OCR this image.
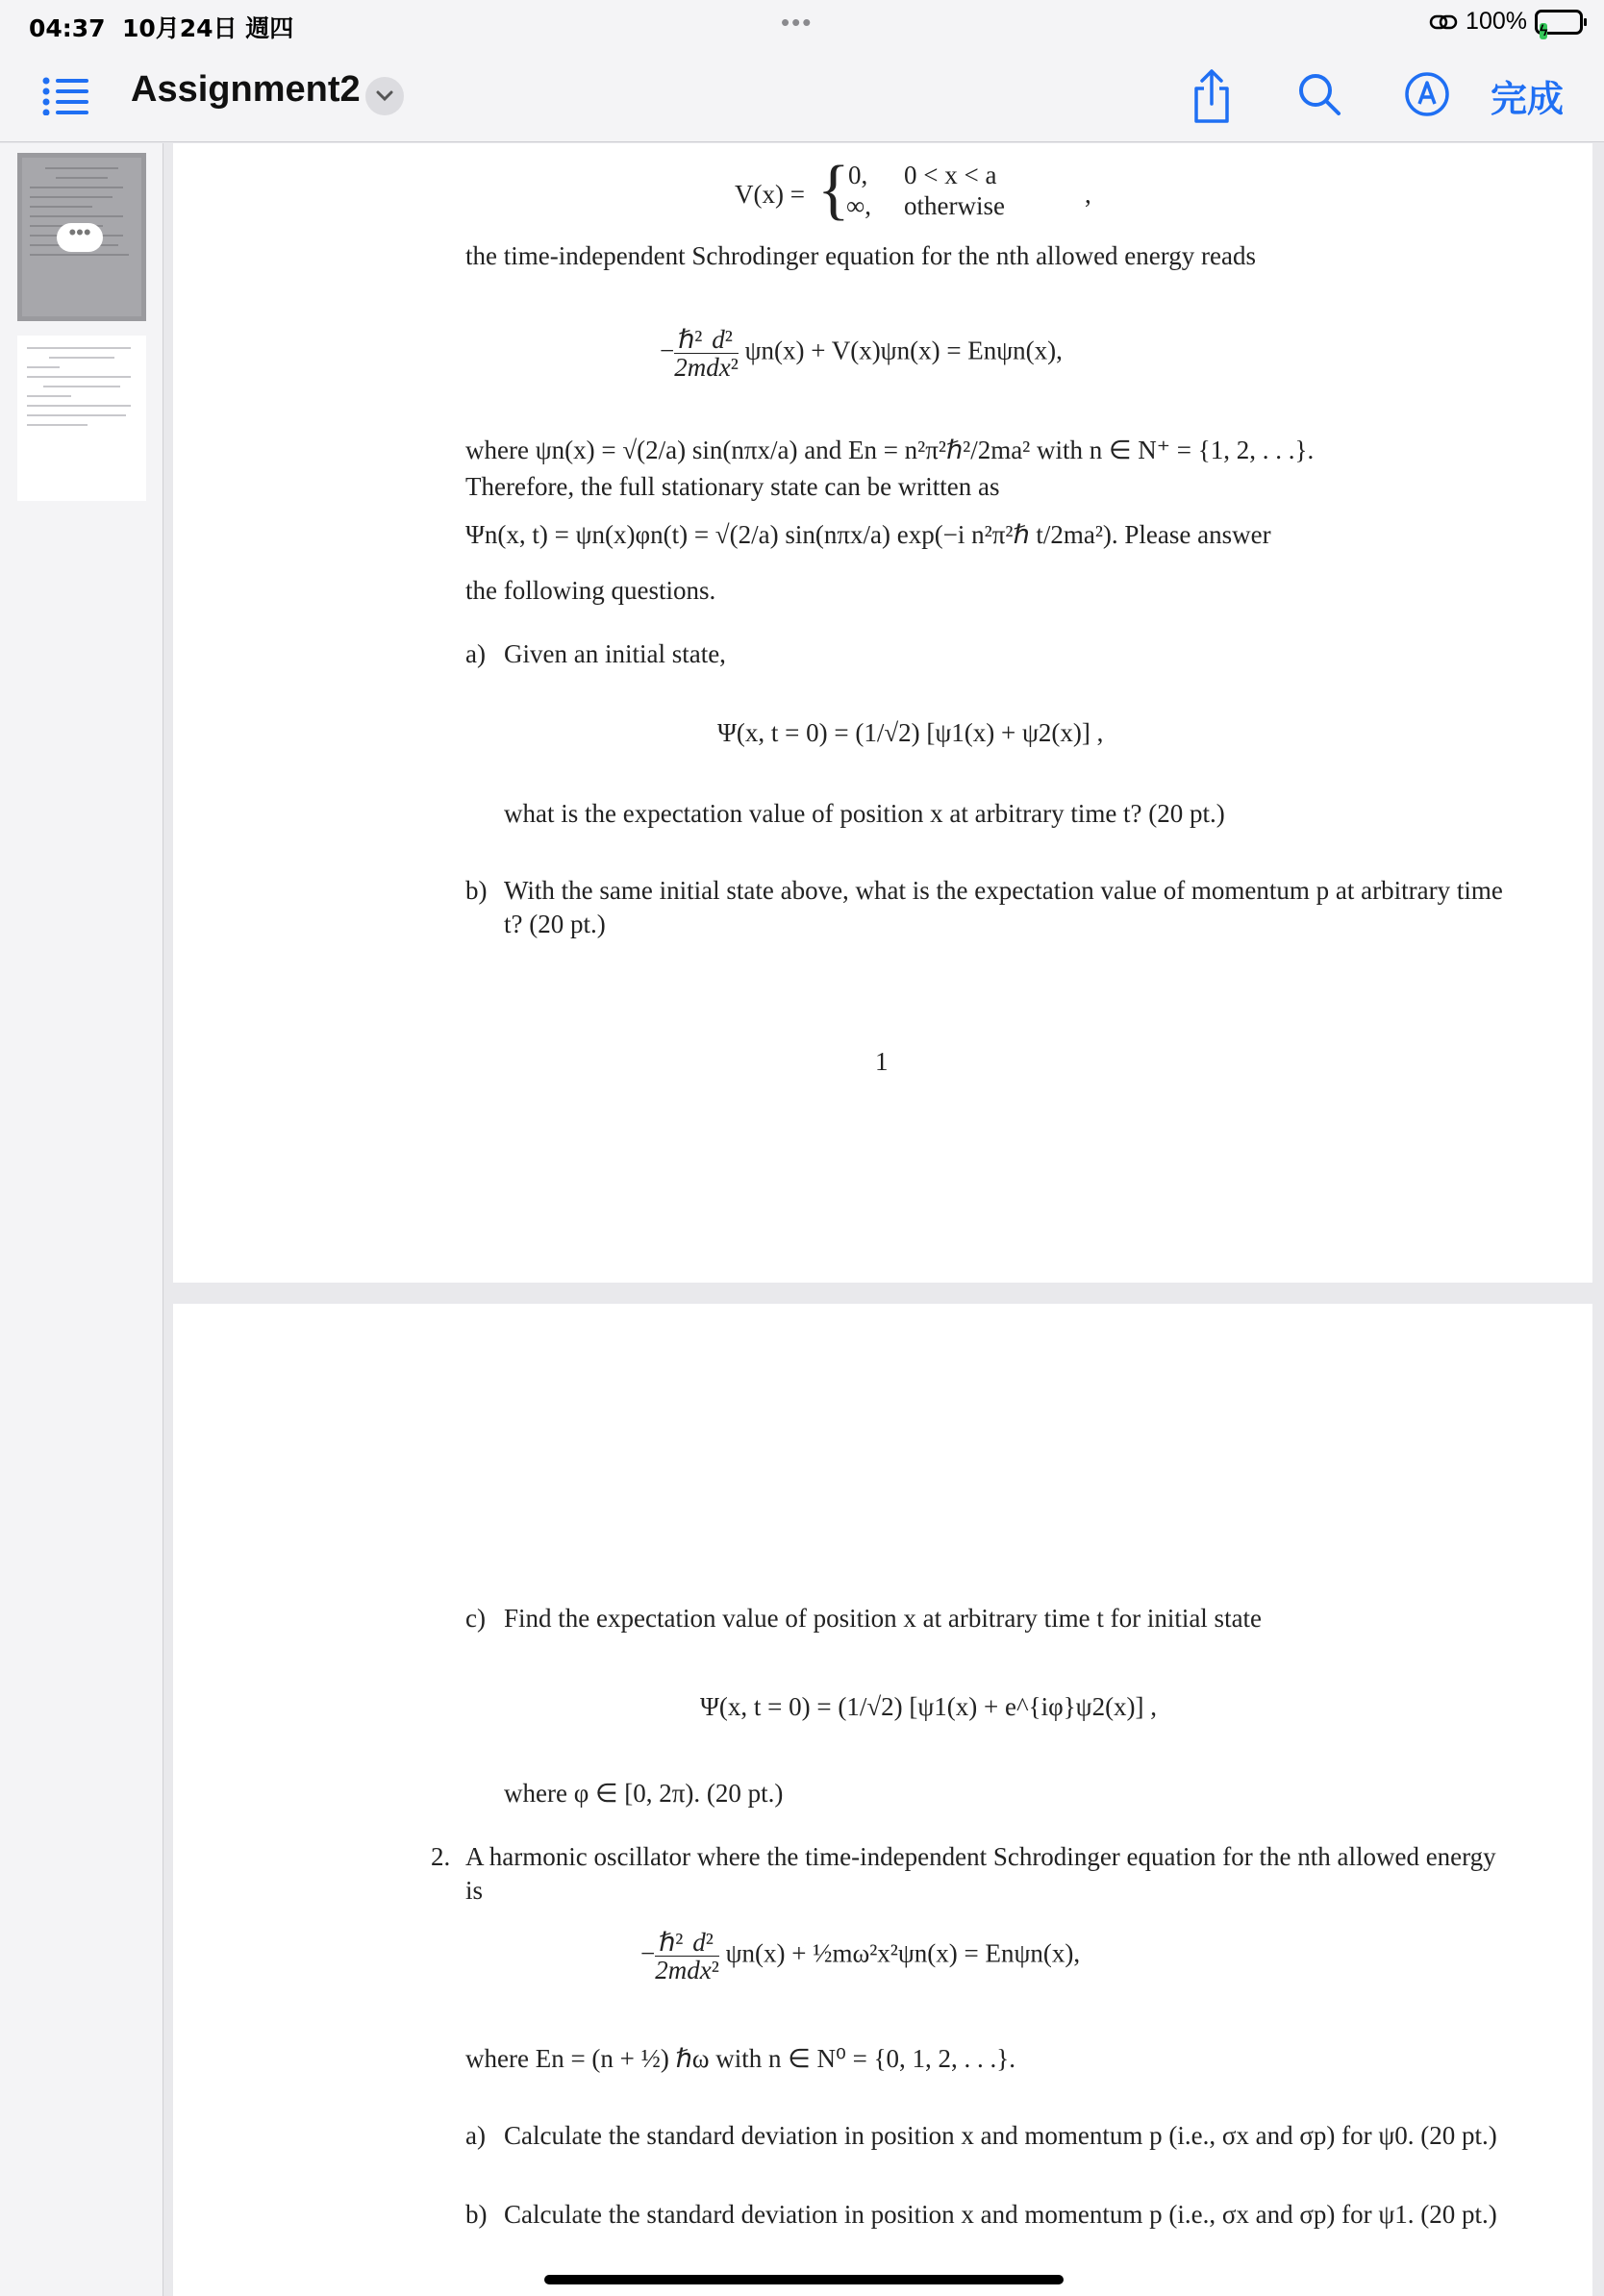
04:37 10月24日 週四	•••	100% ϟ
Assignment2	完成
•••
V(x) = {
0, 0 < x < a
∞, otherwise	,
the time-independent Schrodinger equation for the nth allowed energy reads
− $\frac{\text{ℏ²}}{2m} \frac{\text{d²}}{\text{dx²}} \psi n(x) + V(x)\psi n(x) = En\psi n(x)$,
where ψn(x) = √(2/a) sin(nπx/a) and En = n²π²ℏ²/2ma² with n ∈ N⁺ = {1, 2, . . .}.
Therefore, the full stationary state can be written as
Ψn(x, t) = ψn(x)φn(t) = √(2/a) sin(nπx/a) exp(−i n²π²ℏ t/2ma²). Please answer
the following questions.
a) Given an initial state,
Ψ(x, t = 0) = (1/√2) [ψ1(x) + ψ2(x)] ,
what is the expectation value of position x at arbitrary time t? (20 pt.)
b) With the same initial state above, what is the expectation value of momentum p at arbitrary time t? (20 pt.)
1
c) Find the expectation value of position x at arbitrary time t for initial state
Ψ(x, t = 0) = (1/√2) [ψ1(x) + e^{iφ}ψ2(x)] ,
where φ ∈ [0, 2π). (20 pt.)
2. A harmonic oscillator where the time-independent Schrodinger equation for the nth allowed energy is
− $\frac{\text{ℏ²}}{2m} \frac{\text{d²}}{\text{dx²}} \psi n(x)$ + ½mω²x²ψn(x) = Enψn(x),
where En = (n + ½) ℏω with n ∈ N⁰ = {0, 1, 2, . . .}.
a) Calculate the standard deviation in position x and momentum p (i.e., σx and σp) for ψ0. (20 pt.)
b) Calculate the standard deviation in position x and momentum p (i.e., σx and σp) for ψ1. (20 pt.)
